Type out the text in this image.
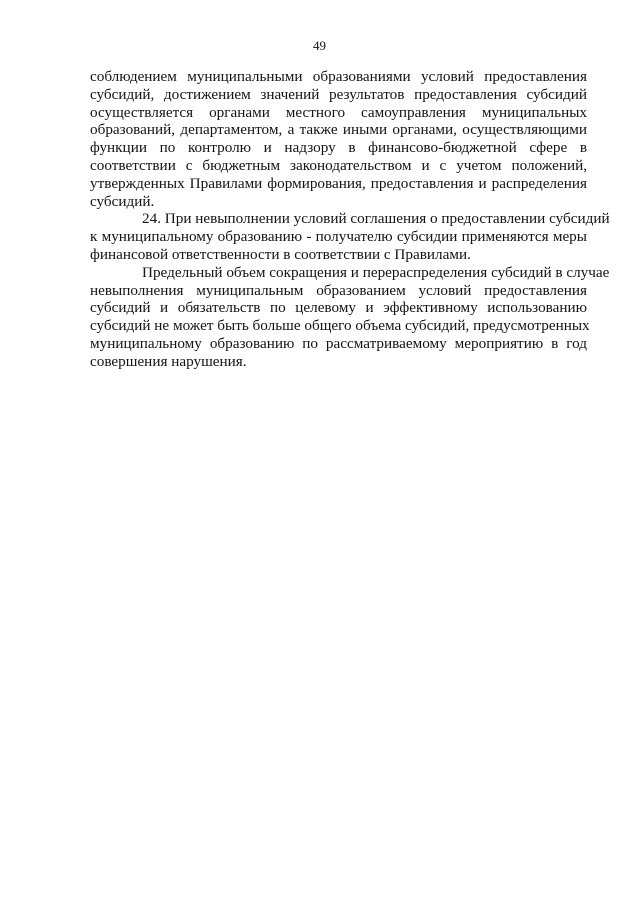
49
соблюдением муниципальными образованиями условий предоставления
субсидий, достижением значений результатов предоставления субсидий
осуществляется органами местного самоуправления муниципальных
образований, департаментом, а также иными органами, осуществляющими
функции по контролю и надзору в финансово-бюджетной сфере в
соответствии с бюджетным законодательством и с учетом положений,
утвержденных Правилами формирования, предоставления и распределения
субсидий.
24. При невыполнении условий соглашения о предоставлении субсидий
к муниципальному образованию - получателю субсидии применяются меры
финансовой ответственности в соответствии с Правилами.
Предельный объем сокращения и перераспределения субсидий в случае
невыполнения муниципальным образованием условий предоставления
субсидий и обязательств по целевому и эффективному использованию
субсидий не может быть больше общего объема субсидий, предусмотренных
муниципальному образованию по рассматриваемому мероприятию в год
совершения нарушения.
